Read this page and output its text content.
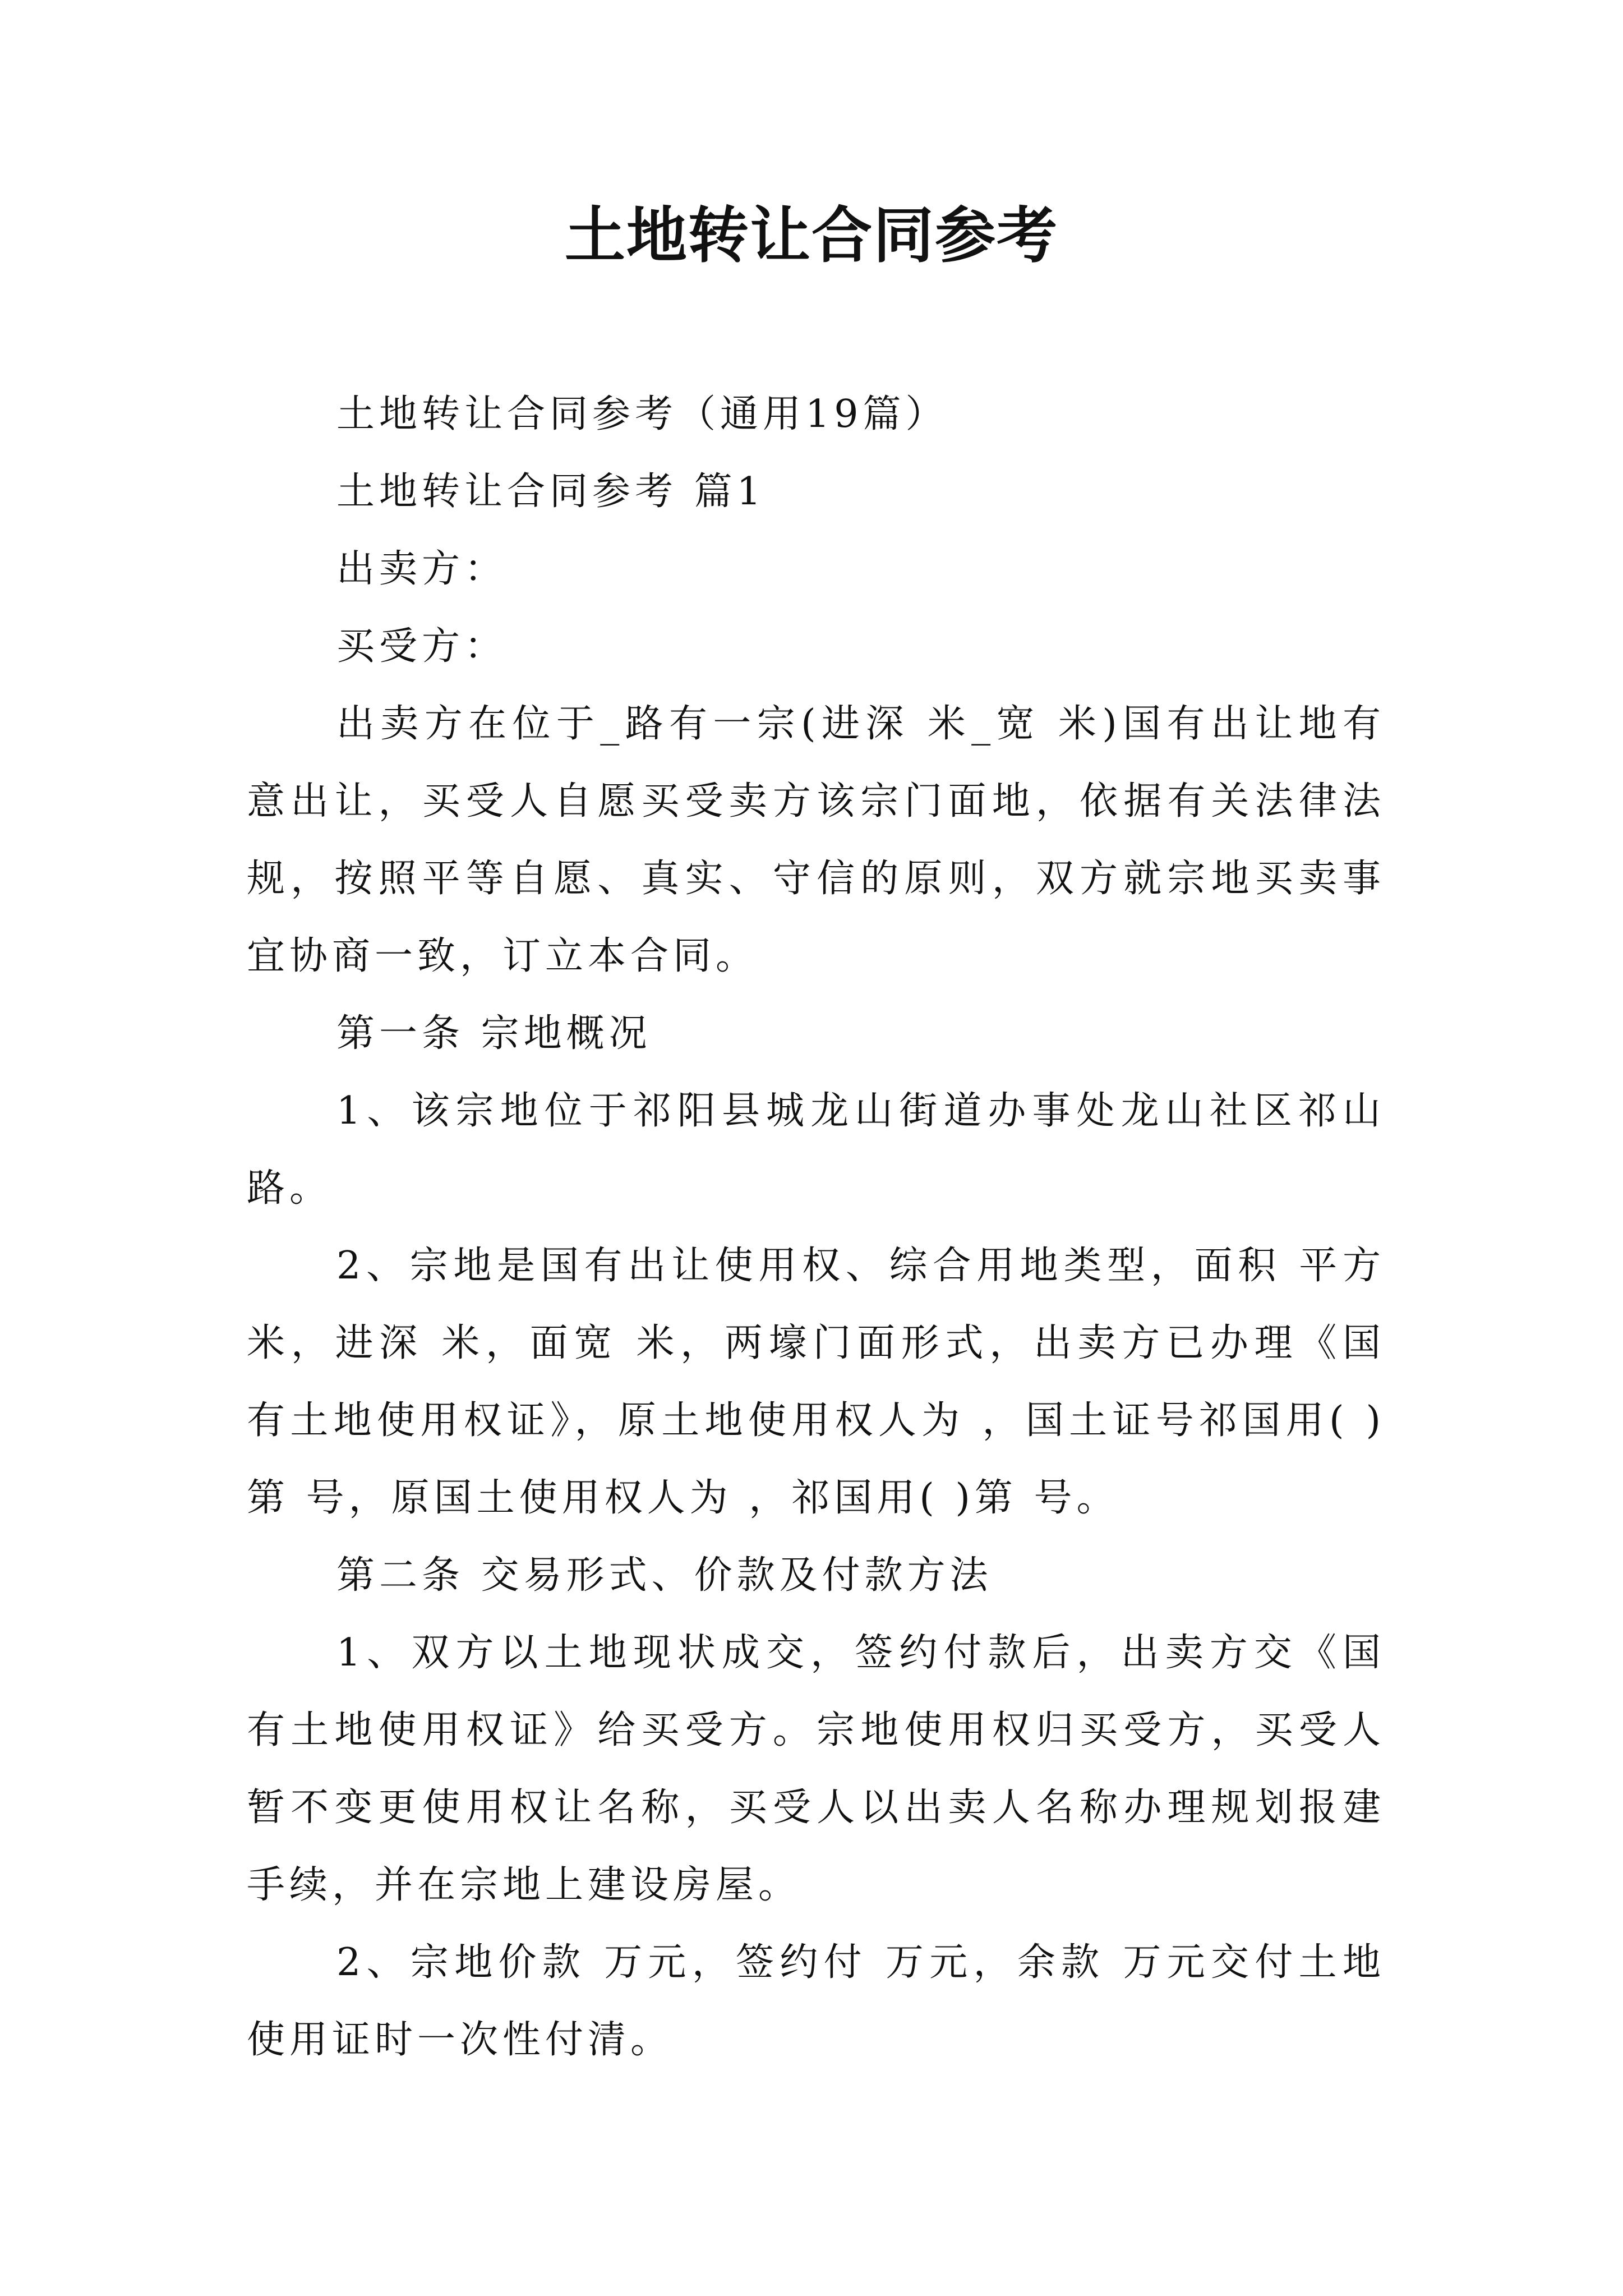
土地转让合同参考

土地转让合同参考（通用19篇）

土地转让合同参考 篇1

出卖方：

买受方：

出卖方在位于_路有一宗(进深 米_宽 米)国有出让地有意出让，买受人自愿买受卖方该宗门面地，依据有关法律法规，按照平等自愿、真实、守信的原则，双方就宗地买卖事宜协商一致，订立本合同。

第一条 宗地概况

1、该宗地位于祁阳县城龙山街道办事处龙山社区祁山路。

2、宗地是国有出让使用权、综合用地类型，面积 平方米，进深 米，面宽 米，两壕门面形式，出卖方已办理《国有土地使用权证》，原土地使用权人为 ，国土证号祁国用( )第 号，原国土使用权人为 ，祁国用( )第 号。

第二条 交易形式、价款及付款方法

1、双方以土地现状成交，签约付款后，出卖方交《国有土地使用权证》给买受方。宗地使用权归买受方，买受人暂不变更使用权让名称，买受人以出卖人名称办理规划报建手续，并在宗地上建设房屋。

2、宗地价款 万元，签约付 万元，余款 万元交付土地使用证时一次性付清。
